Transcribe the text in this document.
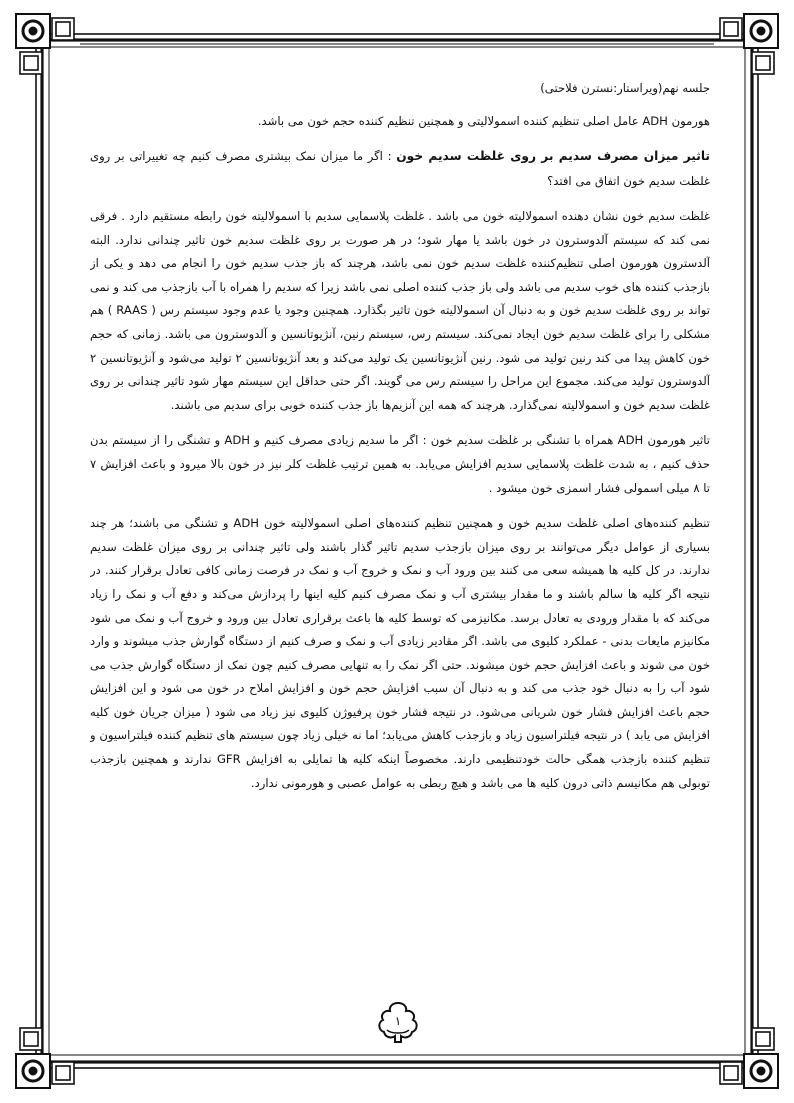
جلسه نهم(ویراستار:نسترن فلاحتی)

هورمون ADH عامل اصلی تنظیم کننده اسمولالیتی و همچنین تنظیم کننده حجم خون می باشد.

تاثیر میزان مصرف سدیم بر روی غلظت سدیم خون : اگر ما میزان نمک بیشتری مصرف کنیم چه تغییراتی بر روی غلظت سدیم خون اتفاق می افتد؟

غلظت سدیم خون نشان دهنده اسمولالیته خون می باشد . غلظت پلاسمایی سدیم با اسمولالیته خون رابطه مستقیم دارد . فرقی نمی کند که سیستم آلدوسترون در خون باشد یا مهار شود؛ در هر صورت بر روی غلظت سدیم خون تاثیر چندانی ندارد. البته آلدسترون هورمون اصلی تنظیم‌کننده غلظت سدیم خون نمی باشد، هرچند که باز جذب سدیم خون را انجام می دهد و یکی از بازجذب کننده های خوب سدیم می باشد ولی باز جذب کننده اصلی نمی باشد زیرا که سدیم را همراه با آب بازجذب می کند و نمی تواند بر روی غلظت سدیم خون و به دنبال آن اسمولالیته خون تاثیر بگذارد. همچنین وجود یا عدم وجود سیستم رس ( RAAS ) هم مشکلی را برای غلظت سدیم خون ایجاد نمی‌کند. سیستم رس، سیستم رنین، آنژیوتانسین و آلدوسترون می باشد. زمانی که حجم خون کاهش پیدا می کند رنین تولید می شود. رنین آنژیوتانسین یک تولید می‌کند و بعد آنژیوتانسین ۲ تولید می‌شود و آنژیوتانسین ۲ آلدوسترون تولید می‌کند. مجموع این مراحل را سیستم رس می گویند. اگر حتی حداقل این سیستم مهار شود تاثیر چندانی بر روی غلظت سدیم خون و اسمولالیته نمی‌گذارد. هرچند که همه این آنزیم‌ها باز جذب کننده خوبی برای سدیم می باشند.

تاثیر هورمون ADH همراه با تشنگی بر غلظت سدیم خون : اگر ما سدیم زیادی مصرف کنیم و ADH و تشنگی را از سیستم بدن حذف کنیم ، به شدت غلظت پلاسمایی سدیم افزایش می‌یابد. به همین ترتیب غلظت کلر نیز در خون بالا میرود و باعث افزایش ۷ تا ۸ میلی اسمولی فشار اسمزی خون میشود .

تنظیم کننده‌های اصلی غلظت سدیم خون و همچنین تنظیم کننده‌های اصلی اسمولالیته خون ADH و تشنگی می باشند؛ هر چند بسیاری از عوامل دیگر می‌توانند بر روی میزان بازجذب سدیم تاثیر گذار باشند ولی تاثیر چندانی بر روی میزان غلظت سدیم ندارند. در کل کلیه ها همیشه سعی می کنند بین ورود آب و نمک و خروج آب و نمک در فرصت زمانی کافی تعادل برقرار کنند. در نتیجه اگر کلیه ها سالم باشند و ما مقدار بیشتری آب و نمک مصرف کنیم کلیه اینها را پردازش می‌کند و دفع آب و نمک را زیاد می‌کند که با مقدار ورودی به تعادل برسد. مکانیزمی که توسط کلیه ها باعث برقراری تعادل بین ورود و خروج آب و نمک می شود مکانیزم مایعات بدنی - عملکرد کلیوی می باشد. اگر مقادیر زیادی آب و نمک و صرف کنیم از دستگاه گوارش جذب میشوند و وارد خون می شوند و باعث افزایش حجم خون میشوند. حتی اگر نمک را به تنهایی مصرف کنیم چون نمک از دستگاه گوارش جذب می شود آب را به دنبال خود جذب می کند و به دنبال آن سبب افزایش حجم خون و افزایش املاح در خون می شود و این افزایش حجم باعث افزایش فشار خون شریانی می‌شود. در نتیجه فشار خون پرفیوژن کلیوی نیز زیاد می شود ( میزان جریان خون کلیه افزایش می یابد ) در نتیجه فیلتراسیون زیاد و بازجذب کاهش می‌یابد؛ اما نه خیلی زیاد چون سیستم های تنظیم کننده فیلتراسیون و تنظیم کننده بازجذب همگی حالت خودتنظیمی دارند. مخصوصاً اینکه کلیه ها تمایلی به افزایش GFR ندارند و همچنین بازجذب توبولی هم مکانیسم ذاتی درون کلیه ها می باشد و هیچ ربطی به عوامل عصبی و هورمونی ندارد.

۱
